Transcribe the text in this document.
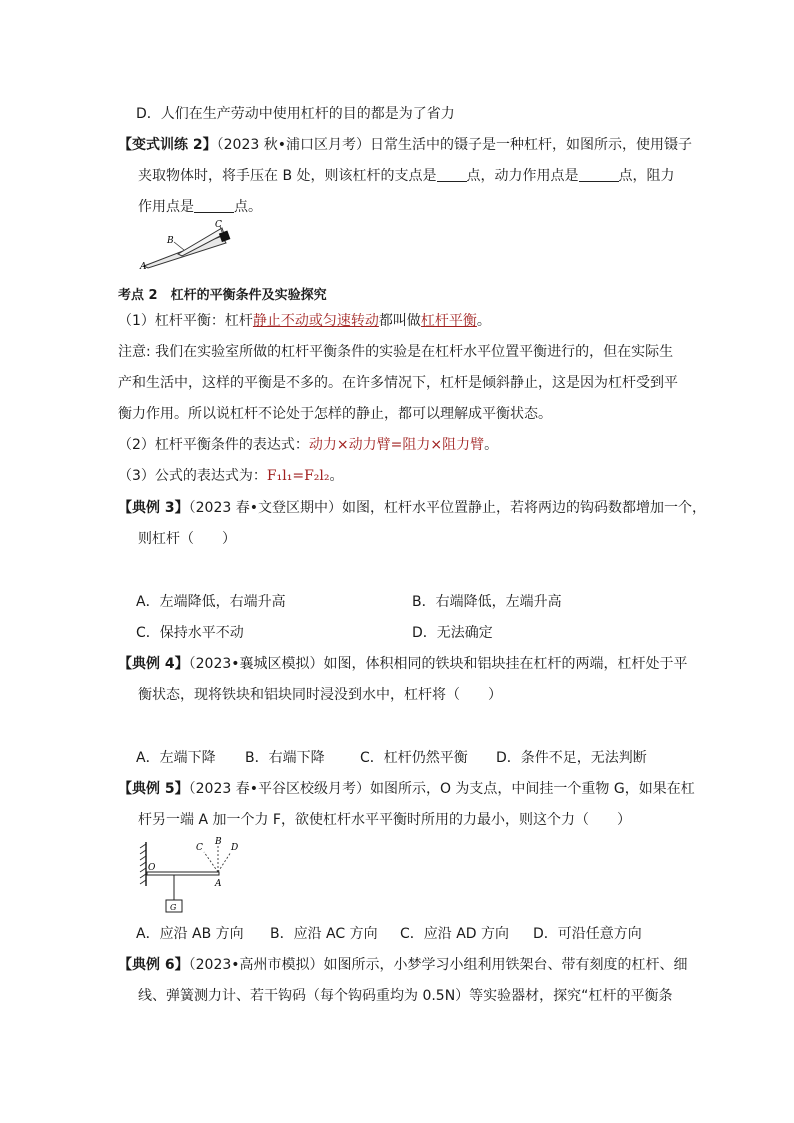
D．人们在生产劳动中使用杠杆的目的都是为了省力
【变式训练 2】（2023 秋•浦口区月考）日常生活中的镊子是一种杠杆，如图所示，使用镊子
夹取物体时，将手压在 B 处，则该杠杆的支点是 点，动力作用点是	点，阻力
作用点是	点。
A
B
C
考点 2　杠杆的平衡条件及实验探究
（1）杠杆平衡：杠杆静止不动或匀速转动都叫做杠杆平衡。
注意: 我们在实验室所做的杠杆平衡条件的实验是在杠杆水平位置平衡进行的，但在实际生
产和生活中，这样的平衡是不多的。在许多情况下，杠杆是倾斜静止，这是因为杠杆受到平
衡力作用。所以说杠杆不论处于怎样的静止，都可以理解成平衡状态。
（2）杠杆平衡条件的表达式：动力×动力臂=阻力×阻力臂。
（3）公式的表达式为：F₁l₁=F₂l₂。
【典例 3】（2023 春•文登区期中）如图，杠杆水平位置静止，若将两边的钩码数都增加一个，
则杠杆（　　）
A．左端降低，右端升高	B．右端降低，左端升高
C．保持水平不动	D．无法确定
【典例 4】（2023•襄城区模拟）如图，体积相同的铁块和铝块挂在杠杆的两端，杠杆处于平
衡状态，现将铁块和铝块同时浸没到水中，杠杆将（　　）
A．左端下降 B．右端下降	C．杠杆仍然平衡 D．条件不足，无法判断
【典例 5】（2023 春•平谷区校级月考）如图所示，O 为支点，中间挂一个重物 G，如果在杠
杆另一端 A 加一个力 F，欲使杠杆水平平衡时所用的力最小，则这个力（　　）
O
A
B
C	D
G
A．应沿 AB 方向 B．应沿 AC 方向 C．应沿 AD 方向 D．可沿任意方向
【典例 6】（2023•高州市模拟）如图所示，小梦学习小组利用铁架台、带有刻度的杠杆、细
线、弹簧测力计、若干钩码（每个钩码重均为 0.5N）等实验器材，探究“杠杆的平衡条
